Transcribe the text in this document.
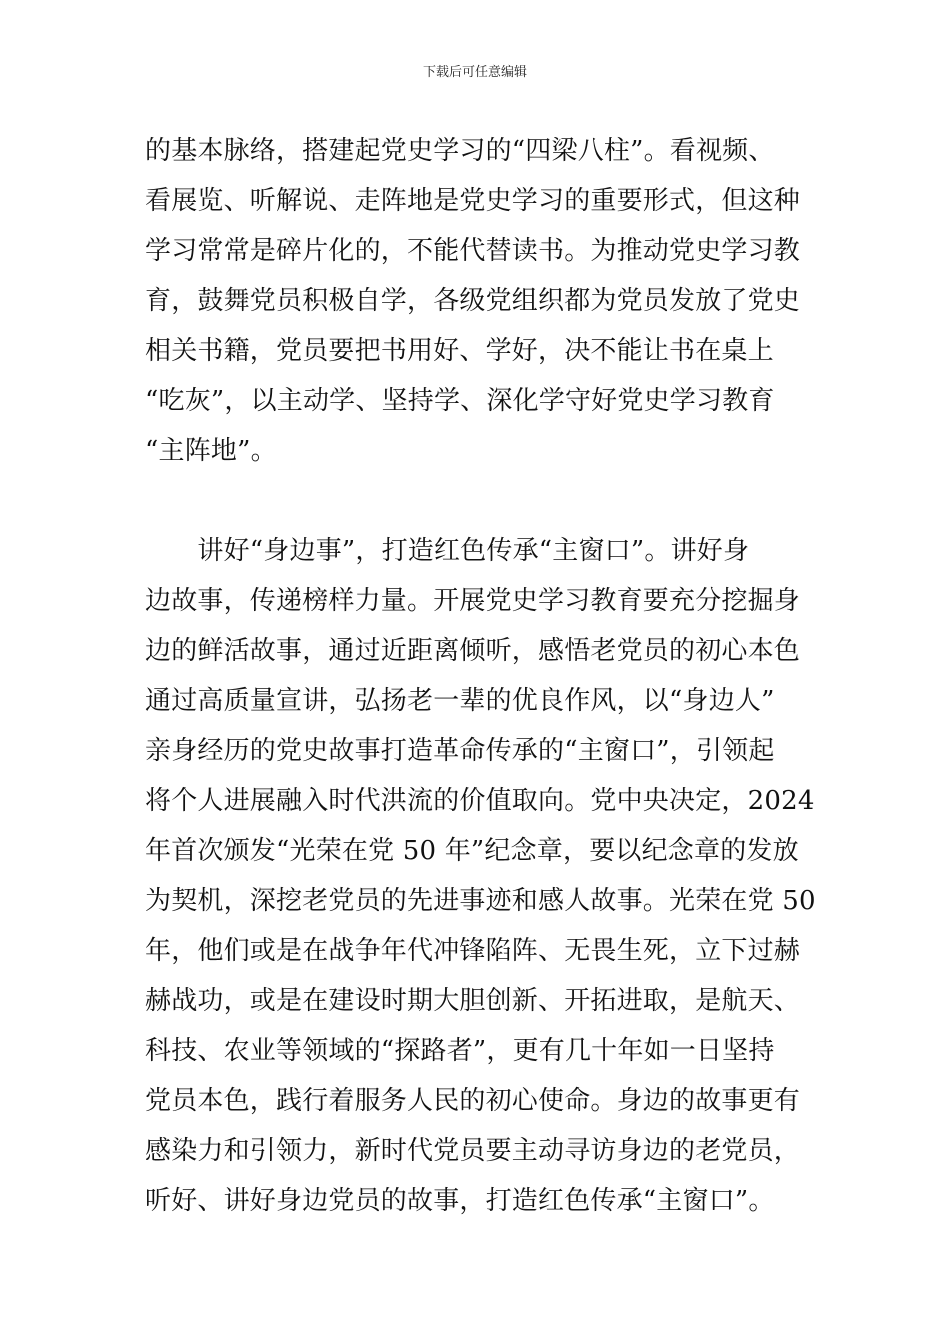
下载后可任意编辑
的基本脉络，搭建起党史学习的“四梁八柱”。看视频、
看展览、听解说、走阵地是党史学习的重要形式，但这种
学习常常是碎片化的，不能代替读书。为推动党史学习教
育，鼓舞党员积极自学，各级党组织都为党员发放了党史
相关书籍，党员要把书用好、学好，决不能让书在桌上
“吃灰”，以主动学、坚持学、深化学守好党史学习教育
“主阵地”。
　　讲好“身边事”，打造红色传承“主窗口”。讲好身
边故事，传递榜样力量。开展党史学习教育要充分挖掘身
边的鲜活故事，通过近距离倾听，感悟老党员的初心本色
通过高质量宣讲，弘扬老一辈的优良作风，以“身边人”
亲身经历的党史故事打造革命传承的“主窗口”，引领起
将个人进展融入时代洪流的价值取向。党中央决定，2024
年首次颁发“光荣在党 50 年”纪念章，要以纪念章的发放
为契机，深挖老党员的先进事迹和感人故事。光荣在党 50
年，他们或是在战争年代冲锋陷阵、无畏生死，立下过赫
赫战功，或是在建设时期大胆创新、开拓进取，是航天、
科技、农业等领域的“探路者”，更有几十年如一日坚持
党员本色，践行着服务人民的初心使命。身边的故事更有
感染力和引领力，新时代党员要主动寻访身边的老党员，
听好、讲好身边党员的故事，打造红色传承“主窗口”。
